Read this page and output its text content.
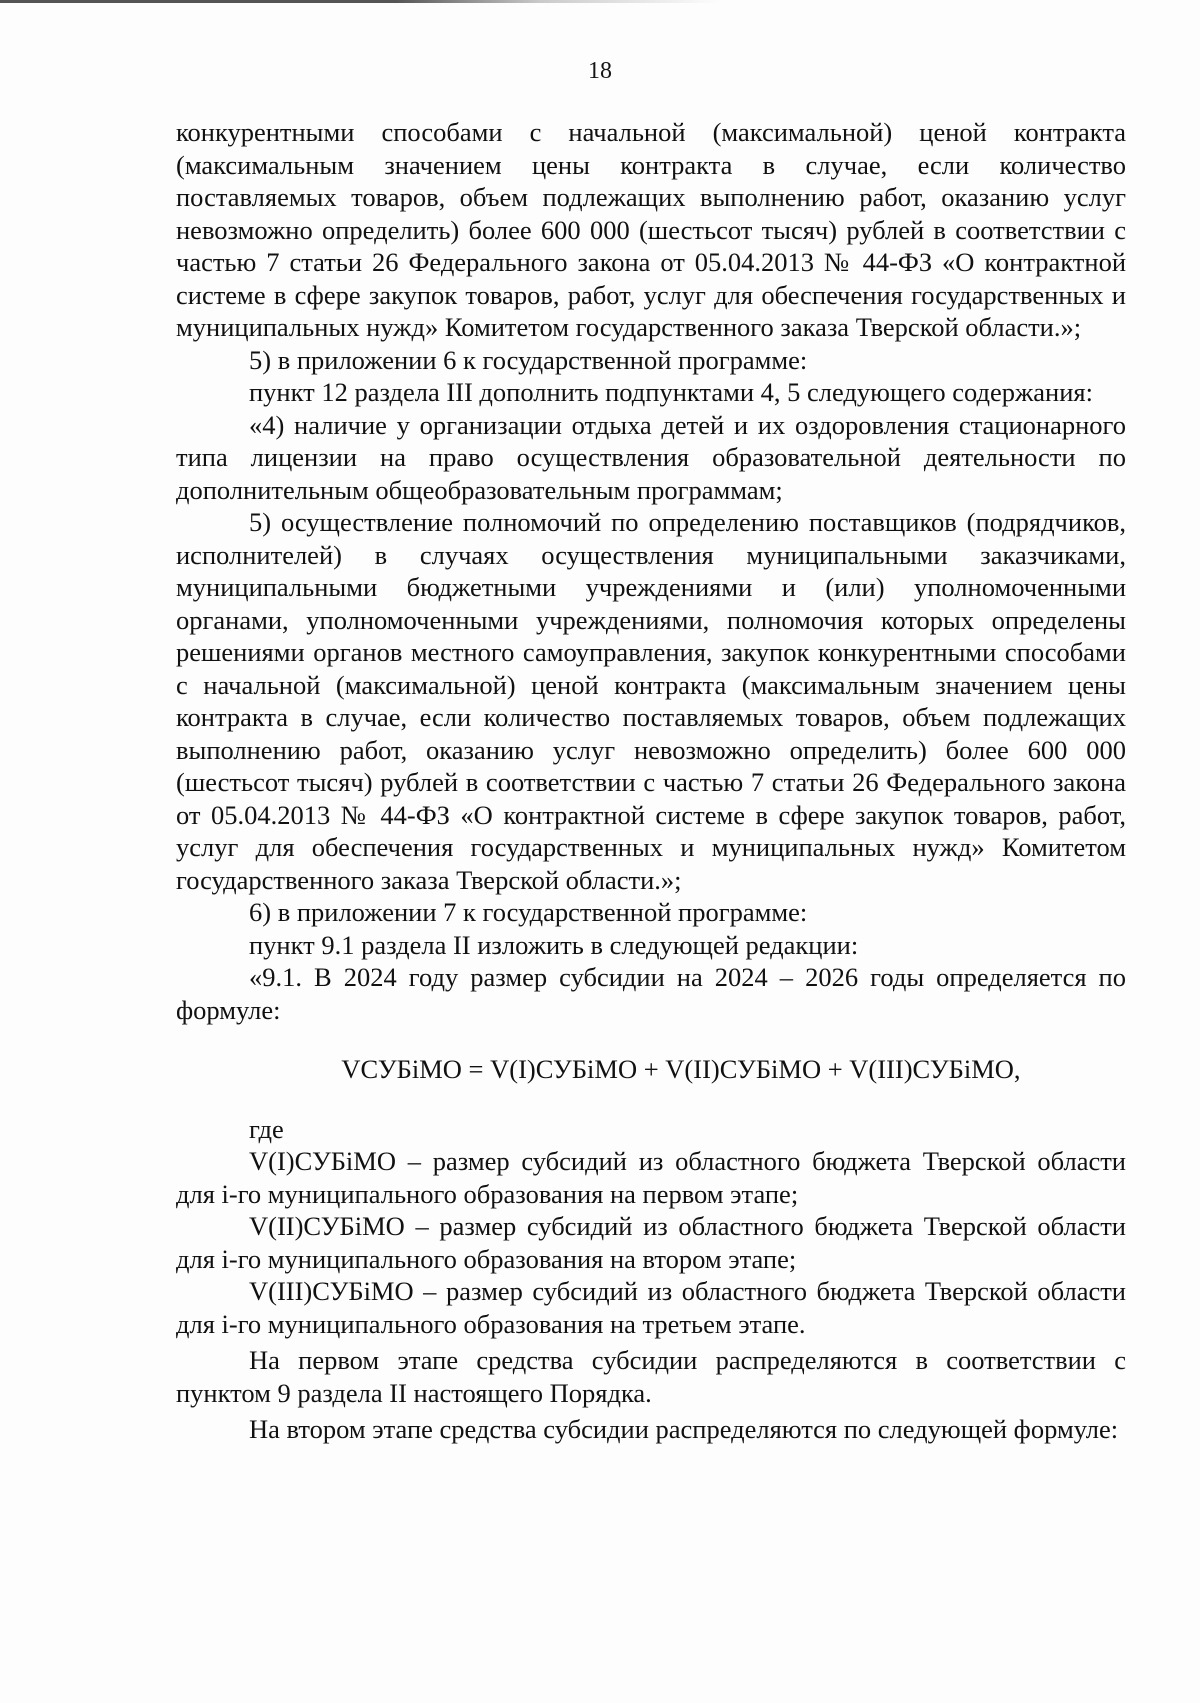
18

конкурентными способами с начальной (максимальной) ценой контракта (максимальным значением цены контракта в случае, если количество поставляемых товаров, объем подлежащих выполнению работ, оказанию услуг невозможно определить) более 600 000 (шестьсот тысяч) рублей в соответствии с частью 7 статьи 26 Федерального закона от 05.04.2013 № 44-ФЗ «О контрактной системе в сфере закупок товаров, работ, услуг для обеспечения государственных и муниципальных нужд» Комитетом государственного заказа Тверской области.»;

5) в приложении 6 к государственной программе:

пункт 12 раздела III дополнить подпунктами 4, 5 следующего содержания:

«4) наличие у организации отдыха детей и их оздоровления стационарного типа лицензии на право осуществления образовательной деятельности по дополнительным общеобразовательным программам;

5) осуществление полномочий по определению поставщиков (подрядчиков, исполнителей) в случаях осуществления муниципальными заказчиками, муниципальными бюджетными учреждениями и (или) уполномоченными органами, уполномоченными учреждениями, полномочия которых определены решениями органов местного самоуправления, закупок конкурентными способами с начальной (максимальной) ценой контракта (максимальным значением цены контракта в случае, если количество поставляемых товаров, объем подлежащих выполнению работ, оказанию услуг невозможно определить) более 600 000 (шестьсот тысяч) рублей в соответствии с частью 7 статьи 26 Федерального закона от 05.04.2013 № 44-ФЗ «О контрактной системе в сфере закупок товаров, работ, услуг для обеспечения государственных и муниципальных нужд» Комитетом государственного заказа Тверской области.»;

6) в приложении 7 к государственной программе:

пункт 9.1 раздела II изложить в следующей редакции:

«9.1. В 2024 году размер субсидии на 2024 – 2026 годы определяется по формуле:

VСУБiМО = V(I)СУБiМО + V(II)СУБiМО + V(III)СУБiМО,

где

V(I)СУБiМО – размер субсидий из областного бюджета Тверской области для i-го муниципального образования на первом этапе;

V(II)СУБiМО – размер субсидий из областного бюджета Тверской области для i-го муниципального образования на втором этапе;

V(III)СУБiМО – размер субсидий из областного бюджета Тверской области для i-го муниципального образования на третьем этапе.

На первом этапе средства субсидии распределяются в соответствии с пунктом 9 раздела II настоящего Порядка.

На втором этапе средства субсидии распределяются по следующей формуле:
